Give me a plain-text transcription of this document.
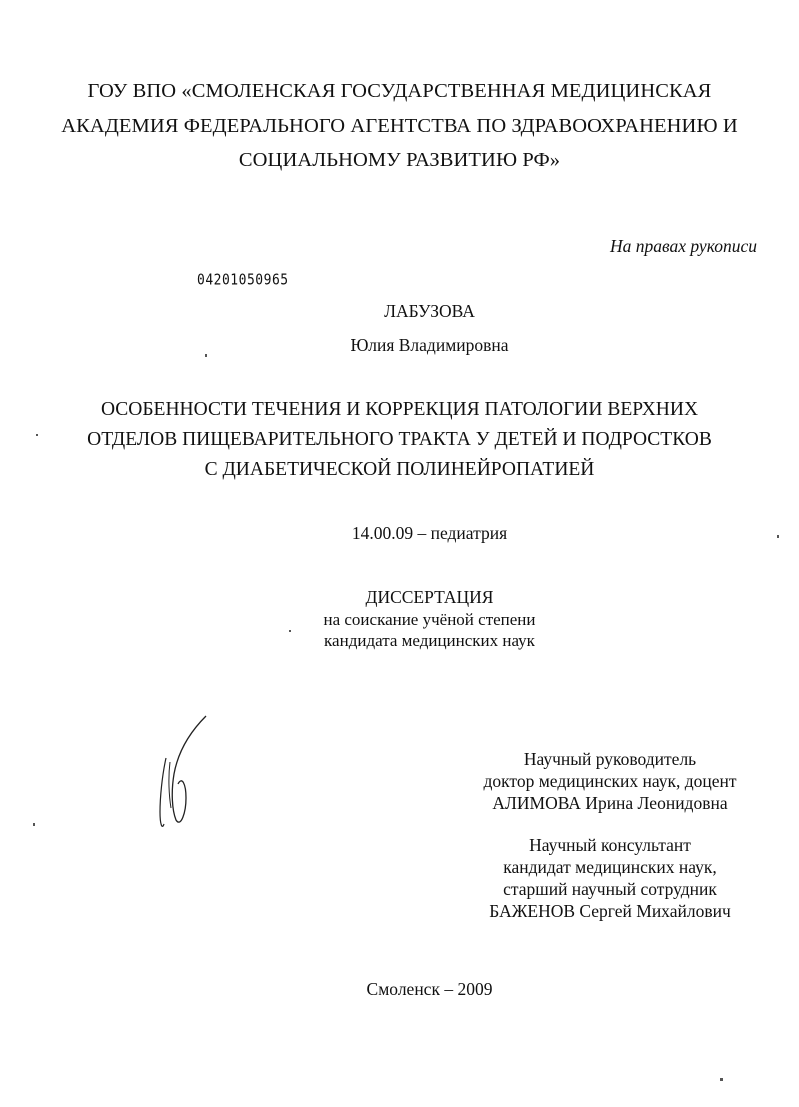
ГОУ ВПО «СМОЛЕНСКАЯ ГОСУДАРСТВЕННАЯ МЕДИЦИНСКАЯ
АКАДЕМИЯ ФЕДЕРАЛЬНОГО АГЕНТСТВА ПО ЗДРАВООХРАНЕНИЮ И
СОЦИАЛЬНОМУ РАЗВИТИЮ РФ»
На правах рукописи
04201050965
ЛАБУЗОВА
Юлия Владимировна
ОСОБЕННОСТИ ТЕЧЕНИЯ И КОРРЕКЦИЯ ПАТОЛОГИИ ВЕРХНИХ
ОТДЕЛОВ ПИЩЕВАРИТЕЛЬНОГО ТРАКТА У ДЕТЕЙ И ПОДРОСТКОВ
С ДИАБЕТИЧЕСКОЙ ПОЛИНЕЙРОПАТИЕЙ
14.00.09 – педиатрия
ДИССЕРТАЦИЯ
на соискание учёной степени
кандидата медицинских наук
Научный руководитель
доктор медицинских наук, доцент
АЛИМОВА Ирина Леонидовна
Научный консультант
кандидат медицинских наук,
старший научный сотрудник
БАЖЕНОВ Сергей Михайлович
Смоленск – 2009
